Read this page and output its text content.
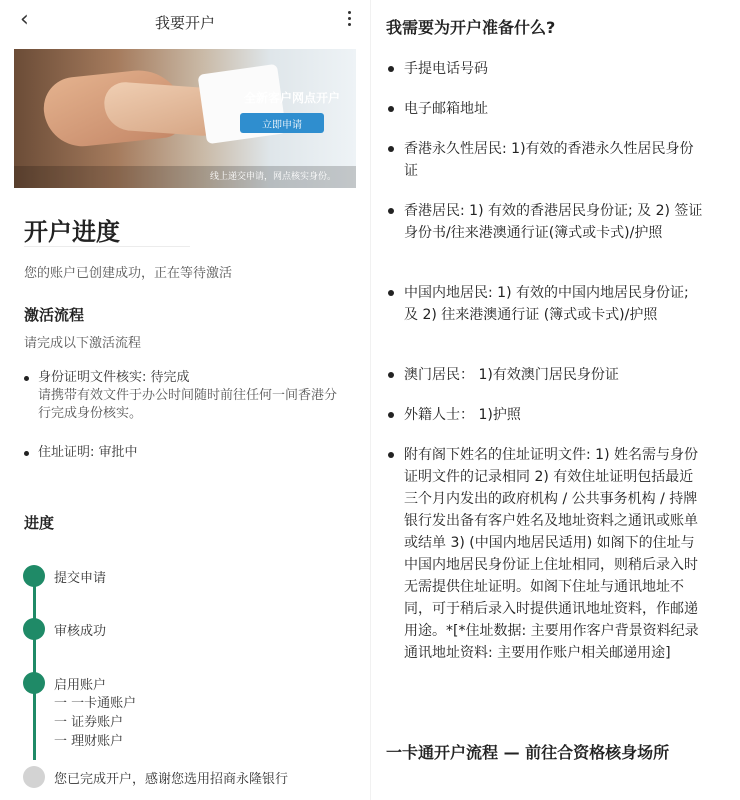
‹	我要开户
全新客户网点开户
立即申请
线上递交申请，网点核实身份。
开户进度
您的账户已创建成功，正在等待激活
激活流程
请完成以下激活流程
身份证明文件核实: 待完成
请携带有效文件于办公时间随时前往任何一间香港分行完成身份核实。
住址证明: 审批中
进度
提交申请
审核成功
启用账户
一 一卡通账户
一 证券账户
一 理财账户
您已完成开户，感谢您选用招商永隆银行
我需要为开户准备什么?
手提电话号码
电子邮箱地址
香港永久性居民: 1)有效的香港永久性居民身份证
香港居民: 1) 有效的香港居民身份证; 及 2) 签证身份书/往来港澳通行证(簿式或卡式)/护照
中国内地居民: 1) 有效的中国内地居民身份证; 及 2) 往来港澳通行证 (簿式或卡式)/护照
澳门居民： 1)有效澳门居民身份证
外籍人士： 1)护照
附有阁下姓名的住址证明文件: 1) 姓名需与身份证明文件的记录相同 2) 有效住址证明包括最近三个月内发出的政府机构 / 公共事务机构 / 持牌银行发出备有客户姓名及地址资料之通讯或账单或结单 3) (中国内地居民适用) 如阁下的住址与中国内地居民身份证上住址相同，则稍后录入时无需提供住址证明。如阁下住址与通讯地址不同，可于稍后录入时提供通讯地址资料，作邮递用途。*[*住址数据: 主要用作客户背景资料纪录通讯地址资料: 主要用作账户相关邮递用途]
一卡通开户流程 — 前往合资格核身场所
